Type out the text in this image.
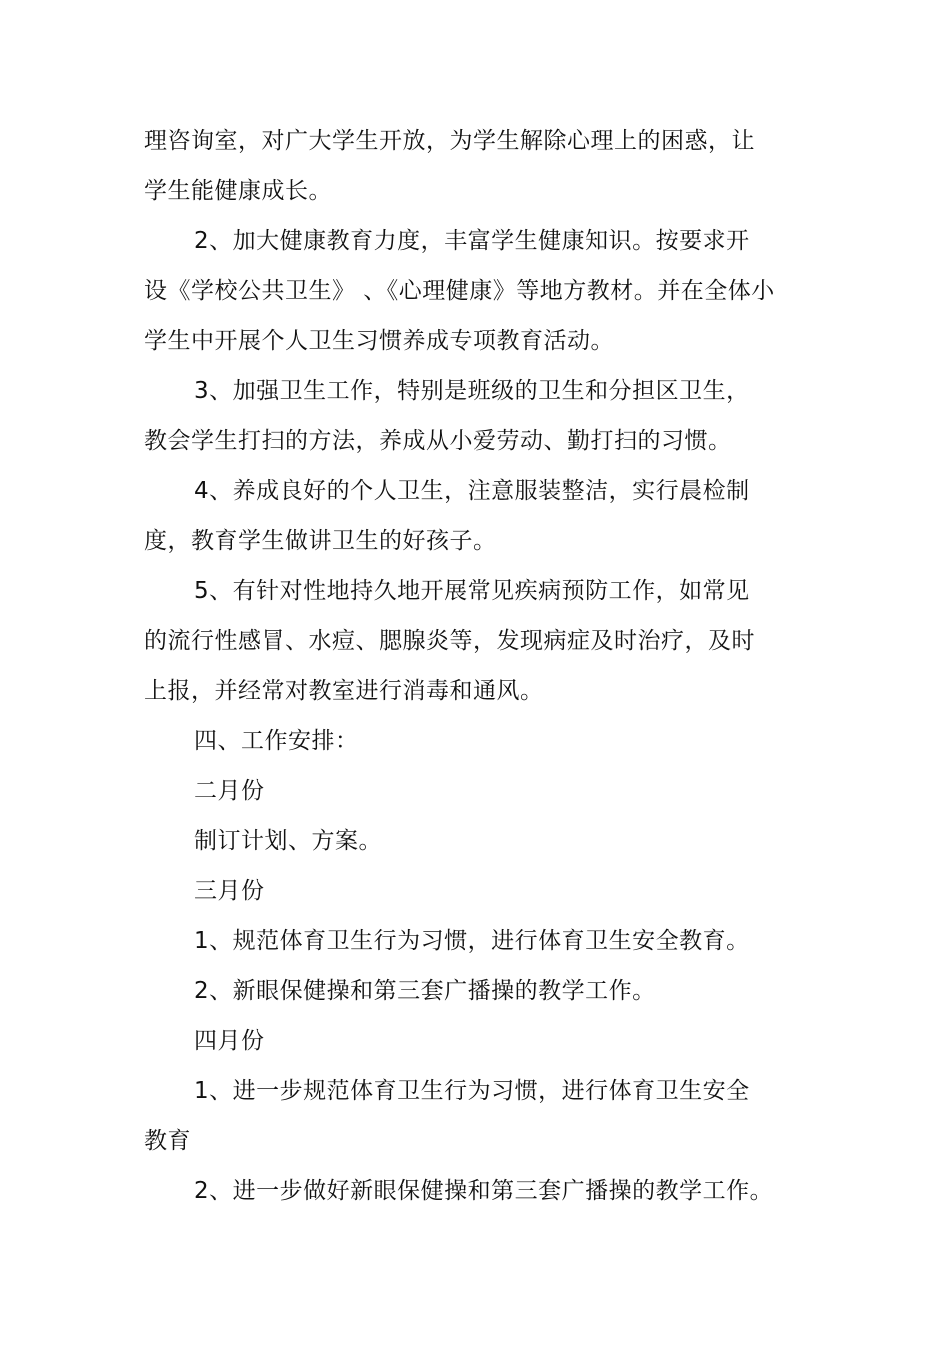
理咨询室，对广大学生开放，为学生解除心理上的困惑，让

学生能健康成长。

2、加大健康教育力度，丰富学生健康知识。按要求开

设《学校公共卫生》 、《心理健康》等地方教材。并在全体小

学生中开展个人卫生习惯养成专项教育活动。

3、加强卫生工作，特别是班级的卫生和分担区卫生，

教会学生打扫的方法，养成从小爱劳动、勤打扫的习惯。

4、养成良好的个人卫生，注意服装整洁，实行晨检制

度，教育学生做讲卫生的好孩子。

5、有针对性地持久地开展常见疾病预防工作，如常见

的流行性感冒、水痘、腮腺炎等，发现病症及时治疗，及时

上报，并经常对教室进行消毒和通风。

四、工作安排：

二月份

制订计划、方案。

三月份

1、规范体育卫生行为习惯，进行体育卫生安全教育。

2、新眼保健操和第三套广播操的教学工作。

四月份

1、进一步规范体育卫生行为习惯，进行体育卫生安全

教育

2、进一步做好新眼保健操和第三套广播操的教学工作。
